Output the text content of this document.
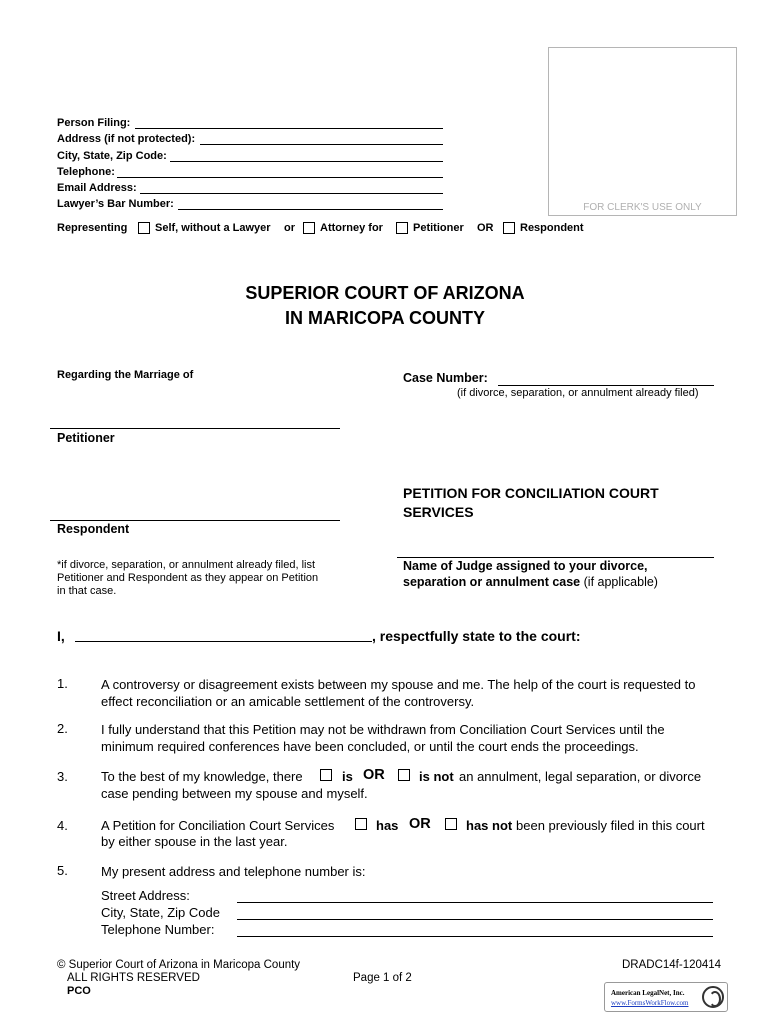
FOR CLERK'S USE ONLY
Person Filing:
Address (if not protected):
City, State, Zip Code:
Telephone:
Email Address:
Lawyer’s Bar Number:
Representing	Self, without a Lawyer or Attorney for	Petitioner OR Respondent
SUPERIOR COURT OF ARIZONA
IN MARICOPA COUNTY
Regarding the Marriage of	Case Number:
(if divorce, separation, or annulment already filed)
Petitioner
PETITION FOR CONCILIATION COURT
SERVICES
Respondent
*if divorce, separation, or annulment already filed, list
Petitioner and Respondent as they appear on Petition
in that case.
Name of Judge assigned to your divorce,
separation or annulment case (if applicable)
I,	, respectfully state to the court:
1.	A controversy or disagreement exists between my spouse and me. The help of the court is requested to effect reconciliation or an amicable settlement of the controversy.
2.	I fully understand that this Petition may not be withdrawn from Conciliation Court Services until the minimum required conferences have been concluded, or until the court ends the proceedings.
3.	To the best of my knowledge, there	is OR	is not an annulment, legal separation, or divorce
case pending between my spouse and myself.
4.	A Petition for Conciliation Court Services	has OR	has not been previously filed in this court
by either spouse in the last year.
5.	My present address and telephone number is:
Street Address:
City, State, Zip Code
Telephone Number:
© Superior Court of Arizona in Maricopa County
ALL RIGHTS RESERVED
PCO
Page 1 of 2
DRADC14f-120414
American LegalNet, Inc.
www.FormsWorkFlow.com
